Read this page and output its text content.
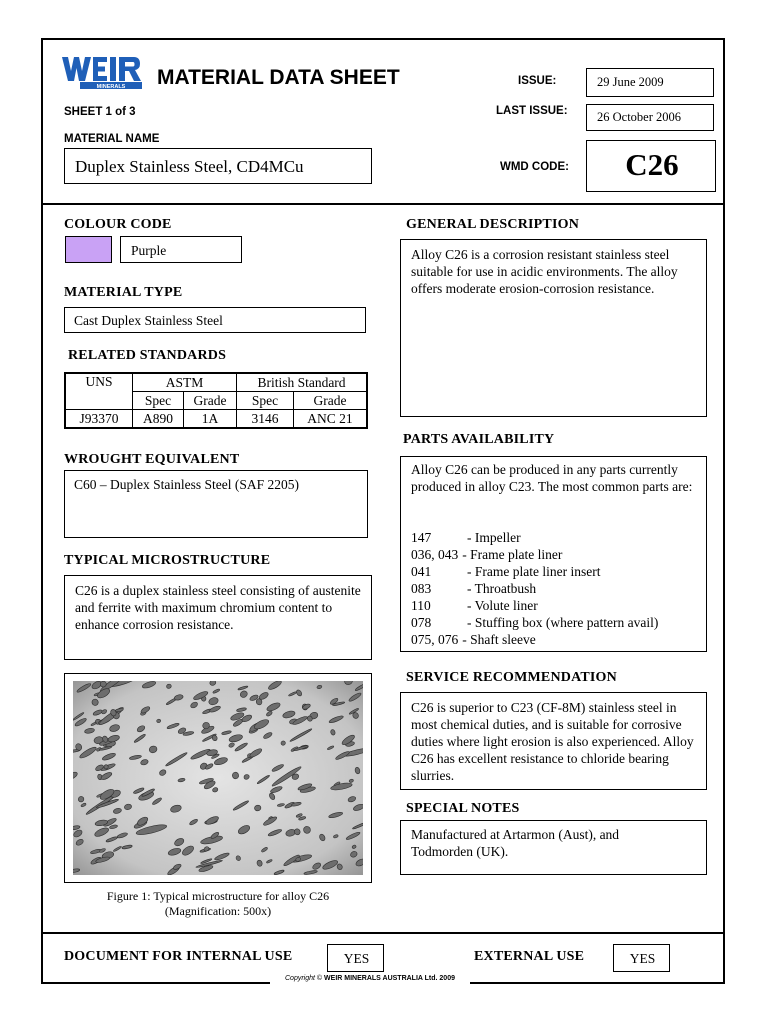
MINERALS MATERIAL DATA SHEET	ISSUE:	29 June 2009
SHEET 1 of 3	LAST ISSUE: 26 October 2006
MATERIAL NAME
Duplex Stainless Steel, CD4MCu	WMD CODE:	C26
COLOUR CODE
Purple
MATERIAL TYPE
Cast Duplex Stainless Steel
RELATED STANDARDS
UNS	ASTM		British Standard	
	Spec	Grade	Spec	Grade
J93370	A890	1A	3146	ANC 21
WROUGHT EQUIVALENT
C60 – Duplex Stainless Steel (SAF 2205)
TYPICAL MICROSTRUCTURE
C26 is a duplex stainless steel consisting of austenite and ferrite with maximum chromium content to enhance corrosion resistance.
Figure 1: Typical microstructure for alloy C26
(Magnification: 500x)
GENERAL DESCRIPTION
Alloy C26 is a corrosion resistant stainless steel suitable for use in acidic environments. The alloy offers moderate erosion-corrosion resistance.
PARTS AVAILABILITY
Alloy C26 can be produced in any parts currently produced in alloy C23. The most common parts are:
147	- Impeller
036, 043 - Frame plate liner
041	- Frame plate liner insert
083	- Throatbush
110	- Volute liner
078	- Stuffing box (where pattern avail)
075, 076 - Shaft sleeve
SERVICE RECOMMENDATION
C26 is superior to C23 (CF-8M) stainless steel in most chemical duties, and is suitable for corrosive duties where light erosion is also experienced. Alloy C26 has excellent resistance to chloride bearing slurries.
SPECIAL NOTES
Manufactured at Artarmon (Aust), and Todmorden (UK).
DOCUMENT FOR INTERNAL USE	YES	EXTERNAL USE	YES
Copyright © WEIR MINERALS AUSTRALIA Ltd. 2009
